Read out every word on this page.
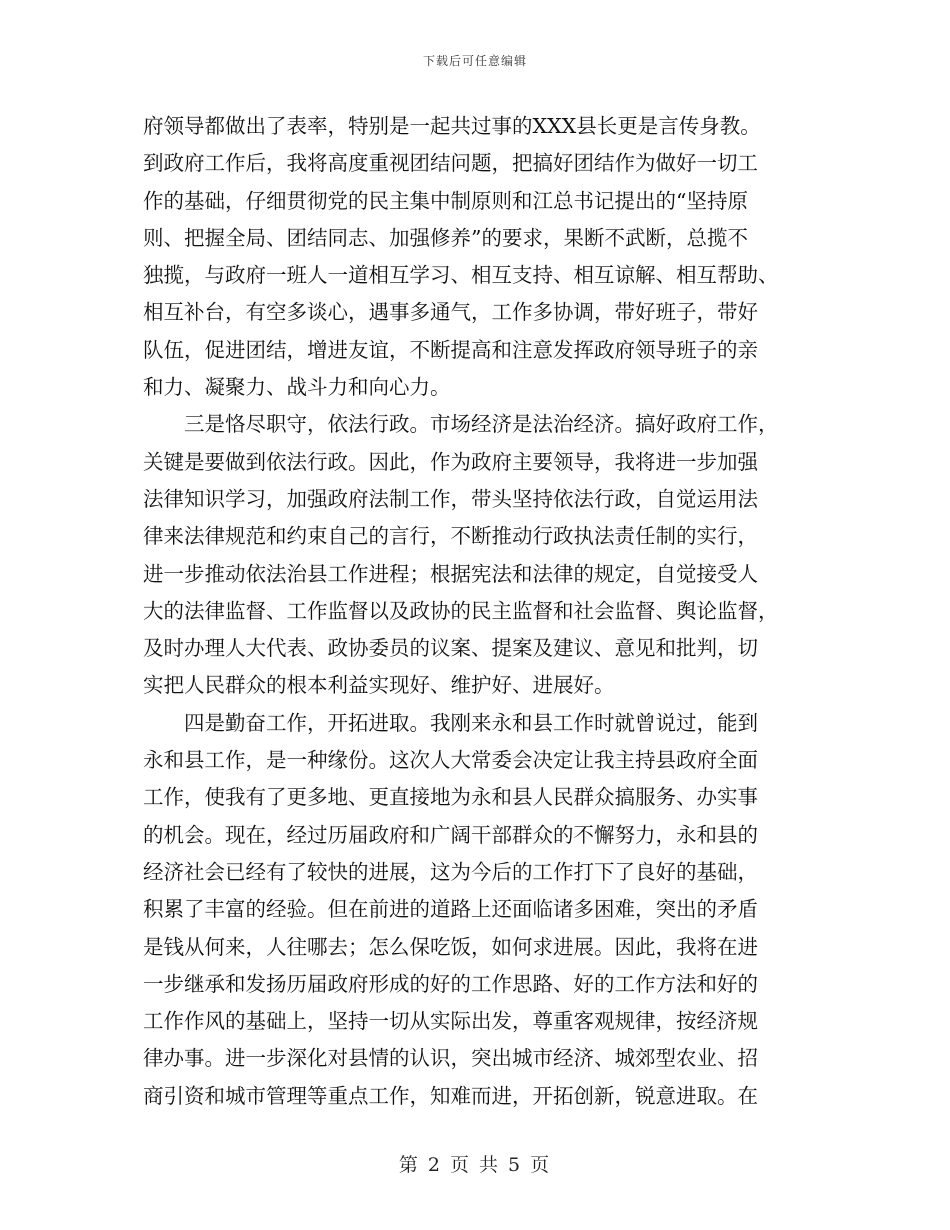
下载后可任意编辑
府领导都做出了表率，特别是一起共过事的XXX县长更是言传身教。
到政府工作后，我将高度重视团结问题，把搞好团结作为做好一切工
作的基础，仔细贯彻党的民主集中制原则和江总书记提出的“坚持原
则、把握全局、团结同志、加强修养”的要求，果断不武断，总揽不
独揽，与政府一班人一道相互学习、相互支持、相互谅解、相互帮助、
相互补台，有空多谈心，遇事多通气，工作多协调，带好班子，带好
队伍，促进团结，增进友谊，不断提高和注意发挥政府领导班子的亲
和力、凝聚力、战斗力和向心力。
　　三是恪尽职守，依法行政。市场经济是法治经济。搞好政府工作，
关键是要做到依法行政。因此，作为政府主要领导，我将进一步加强
法律知识学习，加强政府法制工作，带头坚持依法行政，自觉运用法
律来法律规范和约束自己的言行，不断推动行政执法责任制的实行，
进一步推动依法治县工作进程；根据宪法和法律的规定，自觉接受人
大的法律监督、工作监督以及政协的民主监督和社会监督、舆论监督，
及时办理人大代表、政协委员的议案、提案及建议、意见和批判，切
实把人民群众的根本利益实现好、维护好、进展好。
　　四是勤奋工作，开拓进取。我刚来永和县工作时就曾说过，能到
永和县工作，是一种缘份。这次人大常委会决定让我主持县政府全面
工作，使我有了更多地、更直接地为永和县人民群众搞服务、办实事
的机会。现在，经过历届政府和广阔干部群众的不懈努力，永和县的
经济社会已经有了较快的进展，这为今后的工作打下了良好的基础，
积累了丰富的经验。但在前进的道路上还面临诸多困难，突出的矛盾
是钱从何来，人往哪去；怎么保吃饭，如何求进展。因此，我将在进
一步继承和发扬历届政府形成的好的工作思路、好的工作方法和好的
工作作风的基础上，坚持一切从实际出发，尊重客观规律，按经济规
律办事。进一步深化对县情的认识，突出城市经济、城郊型农业、招
商引资和城市管理等重点工作，知难而进，开拓创新，锐意进取。在
第 2 页 共 5 页
